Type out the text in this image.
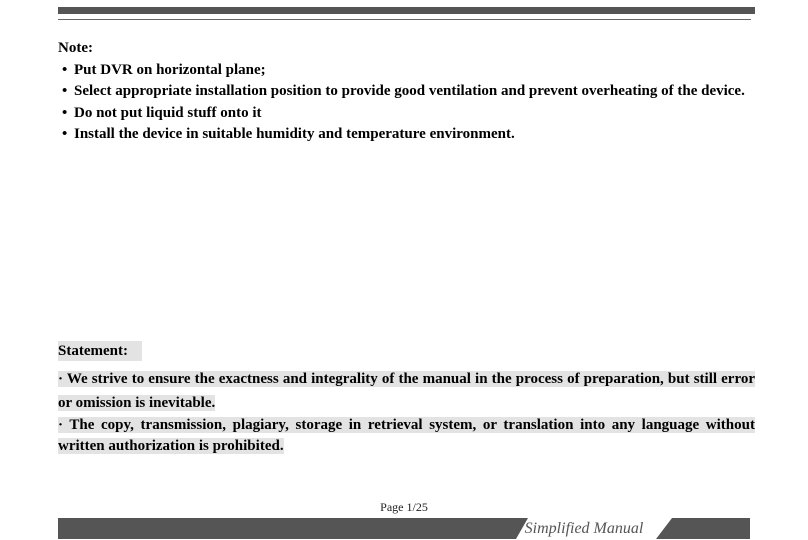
Note:
• Put DVR on horizontal plane;
• Select appropriate installation position to provide good ventilation and prevent overheating of the device.
• Do not put liquid stuff onto it
• Install the device in suitable humidity and temperature environment.
Statement:

· We strive to ensure the exactness and integrality of the manual in the process of preparation, but still error or omission is inevitable.

· The copy, transmission, plagiary, storage in retrieval system, or translation into any language without written authorization is prohibited.

Page 1/25
Simplified Manual
